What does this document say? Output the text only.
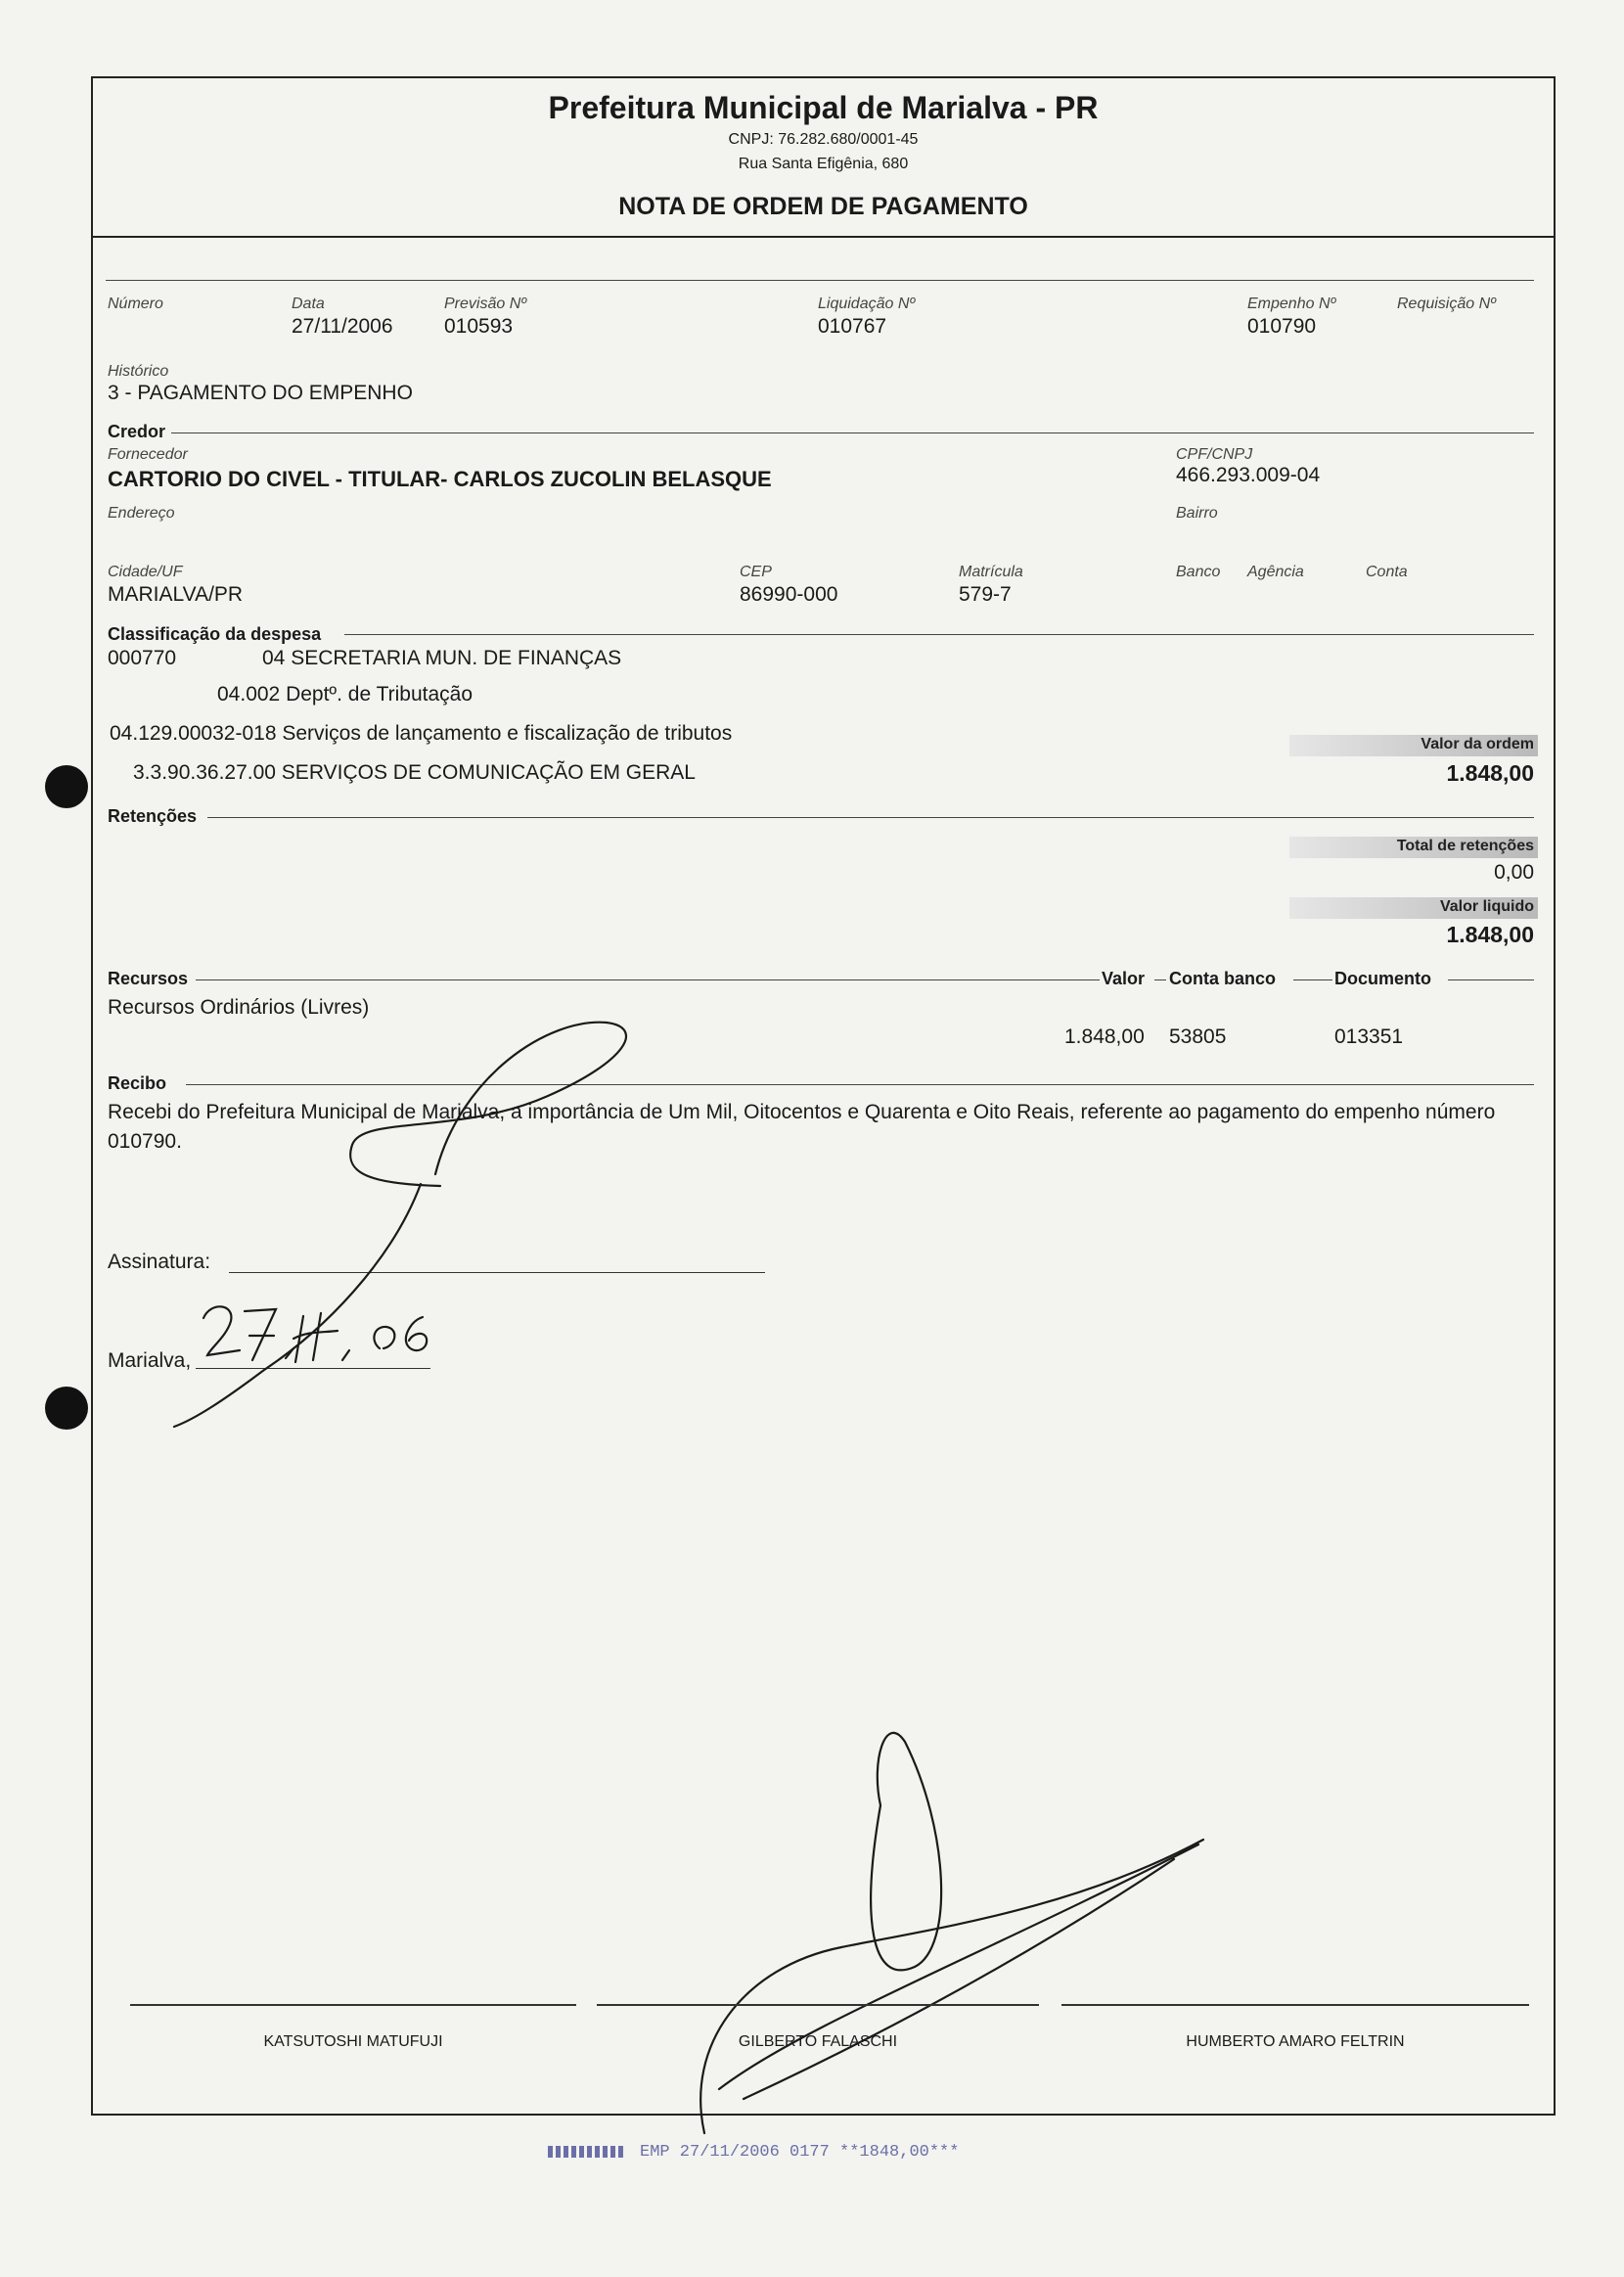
Prefeitura Municipal de Marialva - PR
CNPJ: 76.282.680/0001-45
Rua Santa Efigênia, 680
NOTA DE ORDEM DE PAGAMENTO
Número	Data
27/11/2006
Previsão Nº
010593
Liquidação Nº
010767
Empenho Nº
010790
Requisição Nº
Histórico
3 - PAGAMENTO DO EMPENHO
Credor
Fornecedor
CARTORIO DO CIVEL - TITULAR- CARLOS ZUCOLIN BELASQUE
CPF/CNPJ
466.293.009-04
Endereço	Bairro
Cidade/UF
MARIALVA/PR
CEP
86990-000
Matrícula
579-7
Banco Agência	Conta
Classificação da despesa
000770	04 SECRETARIA MUN. DE FINANÇAS
04.002 Deptº. de Tributação
04.129.00032-018 Serviços de lançamento e fiscalização de tributos
3.3.90.36.27.00 SERVIÇOS DE COMUNICAÇÃO EM GERAL
Valor da ordem
1.848,00
Retenções
Total de retenções
0,00
Valor liquido
1.848,00
Recursos	Valor Conta banco	Documento
Recursos Ordinários (Livres)
1.848,00 53805	013351
Recibo
Recebi do Prefeitura Municipal de Marialva, a importância de Um Mil, Oitocentos e Quarenta e Oito Reais, referente ao pagamento do empenho número 010790.
Assinatura:
Marialva,
KATSUTOSHI MATUFUJI	GILBERTO FALASCHI	HUMBERTO AMARO FELTRIN
EMP 27/11/2006 0177 **1848,00***
